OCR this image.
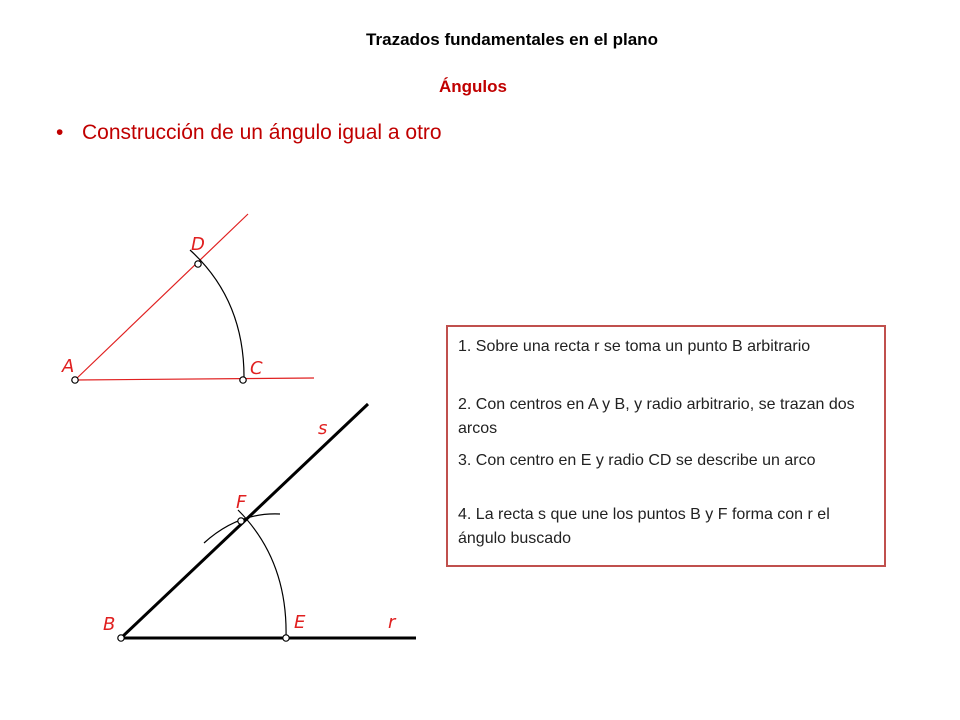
Trazados fundamentales en el plano
Ángulos
• Construcción de un ángulo igual a otro
D
A	C
s
F
B	E	r
1. Sobre una recta r se toma un punto B arbitrario
2. Con centros en A y B, y radio arbitrario, se trazan dos arcos
3. Con centro en E y radio CD se describe un arco
4. La recta s que une los puntos B y F forma con r el ángulo buscado
